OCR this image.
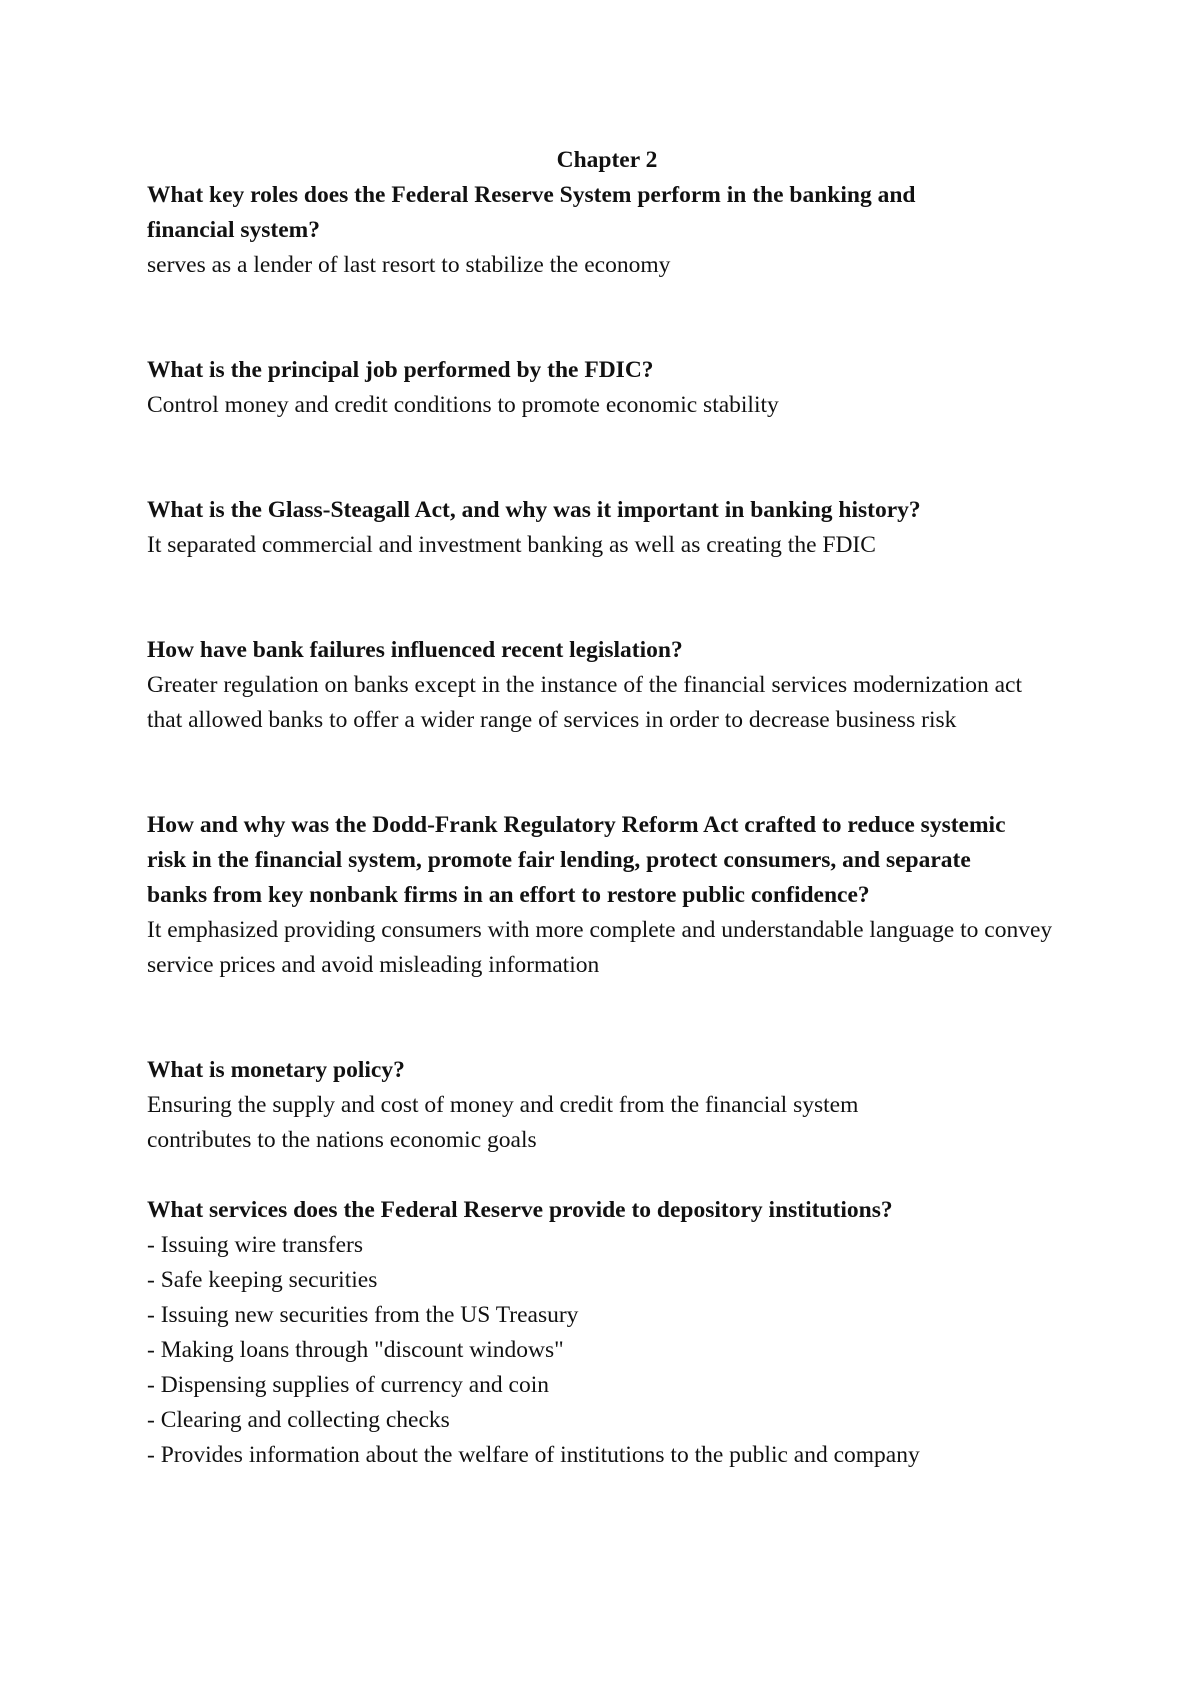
Chapter 2

What key roles does the Federal Reserve System perform in the banking and financial system?

serves as a lender of last resort to stabilize the economy

What is the principal job performed by the FDIC?

Control money and credit conditions to promote economic stability

What is the Glass-Steagall Act, and why was it important in banking history?

It separated commercial and investment banking as well as creating the FDIC

How have bank failures influenced recent legislation?

Greater regulation on banks except in the instance of the financial services modernization act that allowed banks to offer a wider range of services in order to decrease business risk

How and why was the Dodd-Frank Regulatory Reform Act crafted to reduce systemic risk in the financial system, promote fair lending, protect consumers, and separate banks from key nonbank firms in an effort to restore public confidence?

It emphasized providing consumers with more complete and understandable language to convey service prices and avoid misleading information

What is monetary policy?

Ensuring the supply and cost of money and credit from the financial system contributes to the nations economic goals

What services does the Federal Reserve provide to depository institutions?

- Issuing wire transfers
- Safe keeping securities
- Issuing new securities from the US Treasury
- Making loans through "discount windows"
- Dispensing supplies of currency and coin
- Clearing and collecting checks
- Provides information about the welfare of institutions to the public and company
